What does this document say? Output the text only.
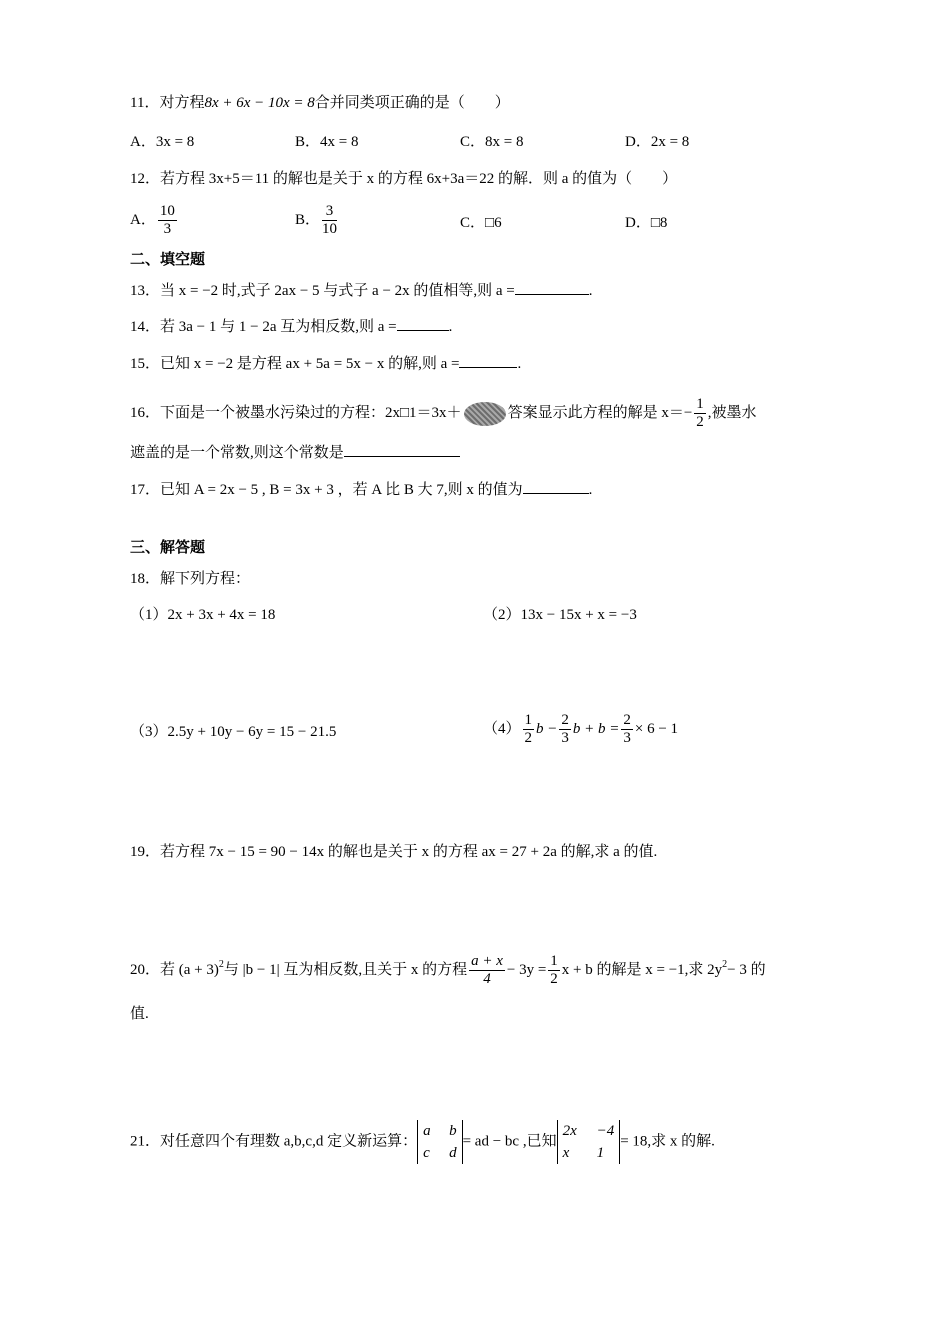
11．对方程8x + 6x − 10x = 8合并同类项正确的是（　　）
A．3x = 8	B．4x = 8	C．8x = 8	D．2x = 8
12．若方程 3x+5＝11 的解也是关于 x 的方程 6x+3a＝22 的解．则 a 的值为（　　）
A． $\frac{10}{3}$	B． $\frac{3}{10}$	C．□6	D．□8
二、填空题
13．当 x = −2 时,式子 2ax − 5 与式子 a − 2x 的值相等,则 a =	.
14．若 3a − 1 与 1 − 2a 互为相反数,则 a =	.
15．已知 x = −2 是方程 ax + 5a = 5x − x 的解,则 a =	.
16．下面是一个被墨水污染过的方程：2x□1＝3x＋	答案显示此方程的解是 $x=- \frac{1}{2}$ ,被墨水
遮盖的是一个常数,则这个常数是
17．已知 A = 2x − 5 , B = 3x + 3 ，若 A 比 B 大 7,则 x 的值为	.
三、解答题
18．解下列方程：
（1）2x + 3x + 4x = 18	（2）13x − 15x + x = −3
（3）2.5y + 10y − 6y = 15 − 21.5	$(4) \frac{1}{2}$ $b - \frac{2}{3}$ $b + b = \frac{2}{3} \times 6 - 1$
19．若方程 7x − 15 = 90 − 14x 的解也是关于 x 的方程 ax = 27 + 2a 的解,求 a 的值.
20．若 $(a + 3)^2$与 |b − 1| 互为相反数,且关于 x 的方程 $\frac{a + x}{4} - 3y = \frac{1}{2}$ x + b 的解是 x = −1,求 $2y^2- 3$ 的
值.
21．对任意四个有理数 a,b,c,d 定义新运算：
a b
c d
= ad − bc ,已知
2x −4
x 1
= 18,求 x 的解.
